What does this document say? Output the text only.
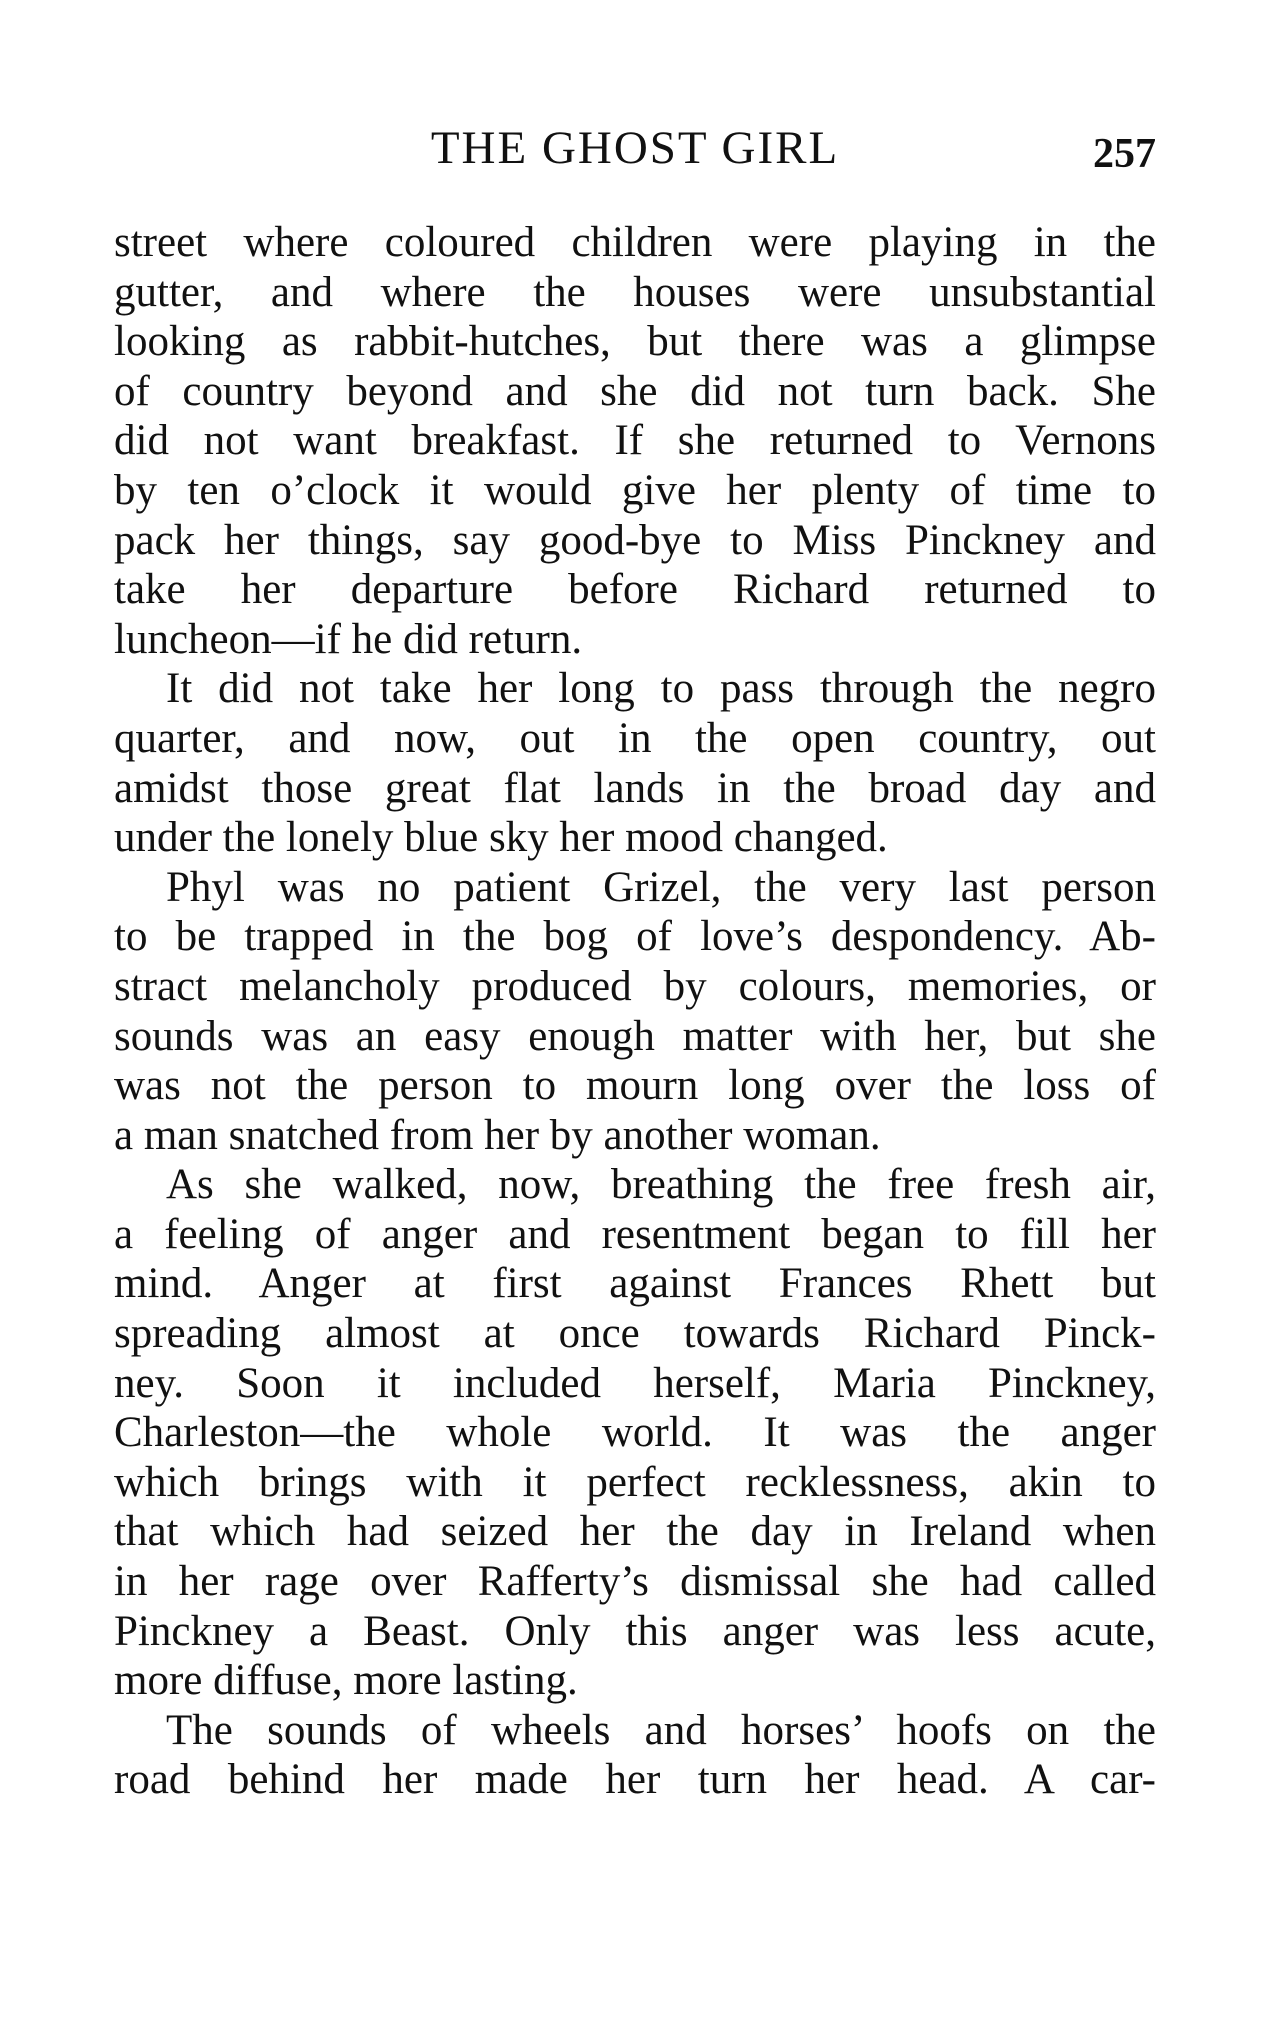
THE GHOST GIRL	257
street where coloured children were playing in the
gutter, and where the houses were unsubstantial
looking as rabbit-hutches, but there was a glimpse
of country beyond and she did not turn back. She
did not want breakfast. If she returned to Vernons
by ten o’clock it would give her plenty of time to
pack her things, say good-bye to Miss Pinckney and
take her departure before Richard returned to
luncheon—if he did return.
It did not take her long to pass through the negro
quarter, and now, out in the open country, out
amidst those great flat lands in the broad day and
under the lonely blue sky her mood changed.
Phyl was no patient Grizel, the very last person
to be trapped in the bog of love’s despondency. Ab-
stract melancholy produced by colours, memories, or
sounds was an easy enough matter with her, but she
was not the person to mourn long over the loss of
a man snatched from her by another woman.
As she walked, now, breathing the free fresh air,
a feeling of anger and resentment began to fill her
mind. Anger at first against Frances Rhett but
spreading almost at once towards Richard Pinck-
ney. Soon it included herself, Maria Pinckney,
Charleston—the whole world. It was the anger
which brings with it perfect recklessness, akin to
that which had seized her the day in Ireland when
in her rage over Rafferty’s dismissal she had called
Pinckney a Beast. Only this anger was less acute,
more diffuse, more lasting.
The sounds of wheels and horses’ hoofs on the
road behind her made her turn her head. A car-
